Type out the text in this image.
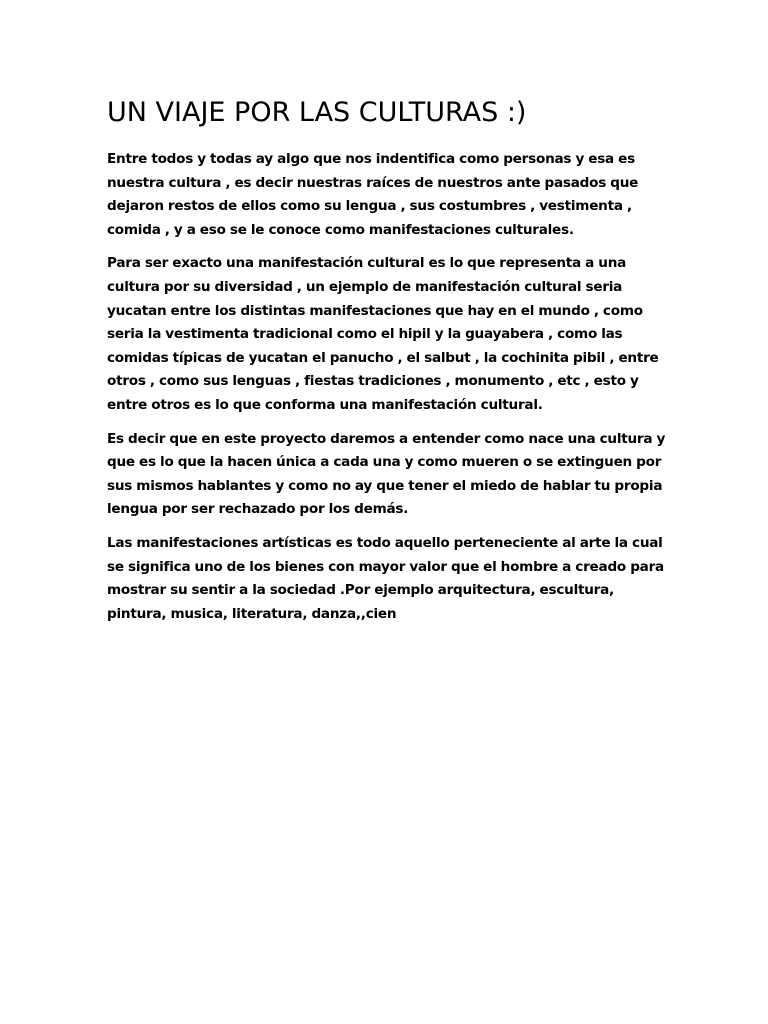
UN VIAJE POR LAS CULTURAS :)

Entre todos y todas ay algo que nos indentifica como personas y esa es
nuestra cultura , es decir nuestras raíces de nuestros ante pasados que
dejaron restos de ellos como su lengua , sus costumbres , vestimenta ,
comida , y a eso se le conoce como manifestaciones culturales.

Para ser exacto una manifestación cultural es lo que representa a una
cultura por su diversidad , un ejemplo de manifestación cultural seria
yucatan entre los distintas manifestaciones que hay en el mundo , como
seria la vestimenta tradicional como el hipil y la guayabera , como las
comidas típicas de yucatan el panucho , el salbut , la cochinita pibil , entre
otros , como sus lenguas , fiestas tradiciones , monumento , etc , esto y
entre otros es lo que conforma una manifestación cultural.

Es decir que en este proyecto daremos a entender como nace una cultura y
que es lo que la hacen única a cada una y como mueren o se extinguen por
sus mismos hablantes y como no ay que tener el miedo de hablar tu propia
lengua por ser rechazado por los demás.

Las manifestaciones artísticas es todo aquello perteneciente al arte la cual
se significa uno de los bienes con mayor valor que el hombre a creado para
mostrar su sentir a la sociedad .Por ejemplo arquitectura, escultura,
pintura, musica, literatura, danza,,cien
